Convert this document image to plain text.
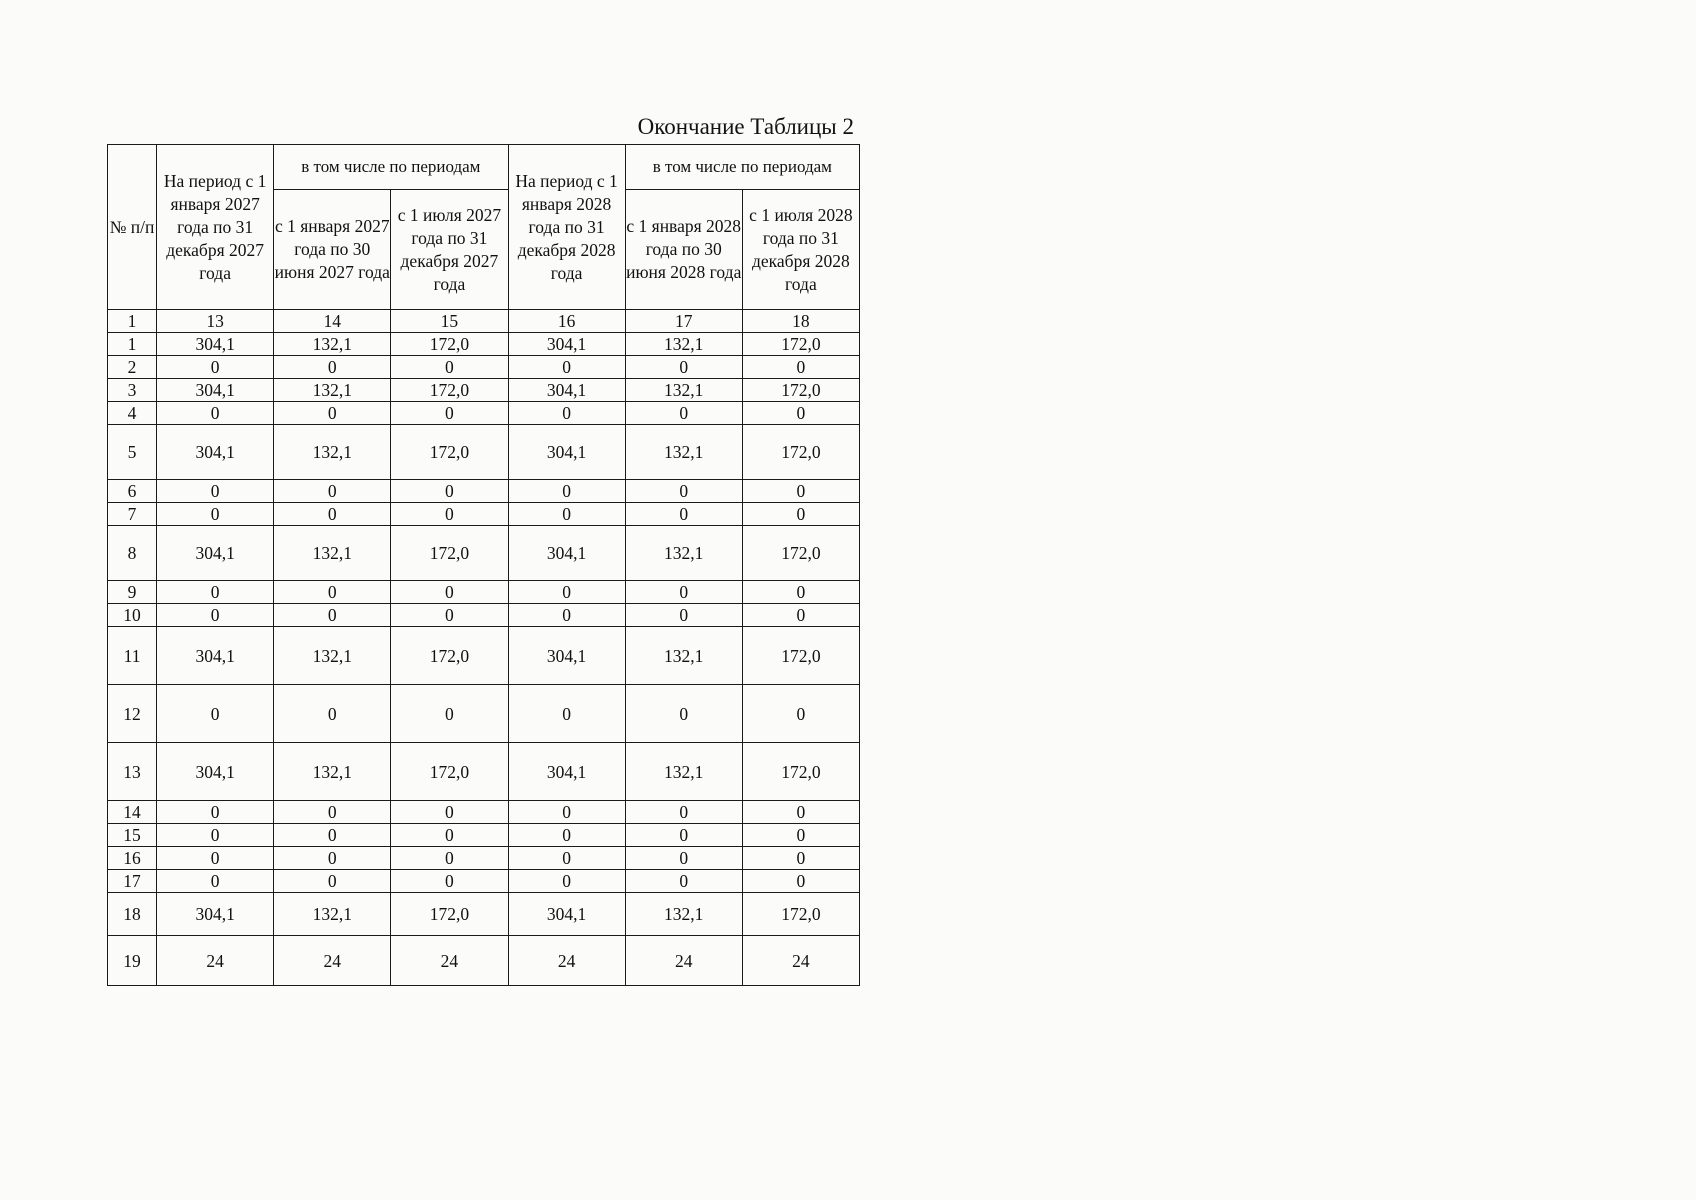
Окончание Таблицы 2
№ п/п	На период с 1 января 2027 года по 31 декабря 2027 года	в том числе по периодам		На период с 1 января 2028 года по 31 декабря 2028 года	в том числе по периодам	
		с 1 января 2027 года по 30 июня 2027 года	с 1 июля 2027 года по 31 декабря 2027 года		с 1 января 2028 года по 30 июня 2028 года	с 1 июля 2028 года по 31 декабря 2028 года
1	13	14	15	16	17	18
1	304,1	132,1	172,0	304,1	132,1	172,0
2	0	0	0	0	0	0
3	304,1	132,1	172,0	304,1	132,1	172,0
4	0	0	0	0	0	0
5	304,1	132,1	172,0	304,1	132,1	172,0
6	0	0	0	0	0	0
7	0	0	0	0	0	0
8	304,1	132,1	172,0	304,1	132,1	172,0
9	0	0	0	0	0	0
10	0	0	0	0	0	0
11	304,1	132,1	172,0	304,1	132,1	172,0
12	0	0	0	0	0	0
13	304,1	132,1	172,0	304,1	132,1	172,0
14	0	0	0	0	0	0
15	0	0	0	0	0	0
16	0	0	0	0	0	0
17	0	0	0	0	0	0
18	304,1	132,1	172,0	304,1	132,1	172,0
19	24	24	24	24	24	24
